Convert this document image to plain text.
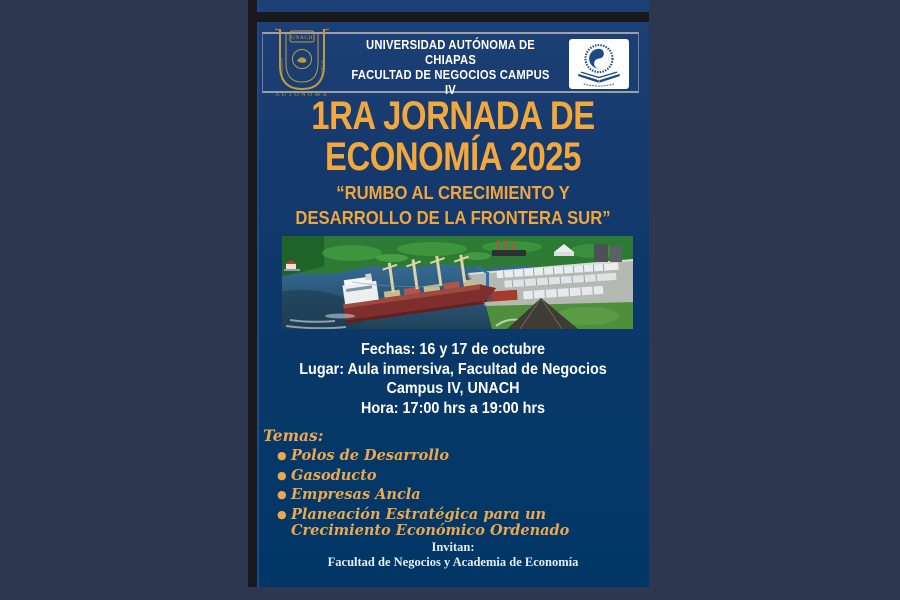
UNACH
UNIVERSIDAD	DE CHIAPAS
AUTONOMA
UNIVERSIDAD AUTÓNOMA DE
CHIAPAS
FACULTAD DE NEGOCIOS CAMPUS IV
1RA JORNADA DE
ECONOMÍA 2025
“RUMBO AL CRECIMIENTO Y
DESARROLLO DE LA FRONTERA SUR”
Fechas: 16 y 17 de octubre
Lugar: Aula inmersiva, Facultad de Negocios
Campus IV, UNACH
Hora: 17:00 hrs a 19:00 hrs
Temas:
● Polos de Desarrollo
● Gasoducto
● Empresas Ancla
● Planeación Estratégica para un Crecimiento Económico Ordenado
Invitan:
Facultad de Negocios y Academia de Economía
